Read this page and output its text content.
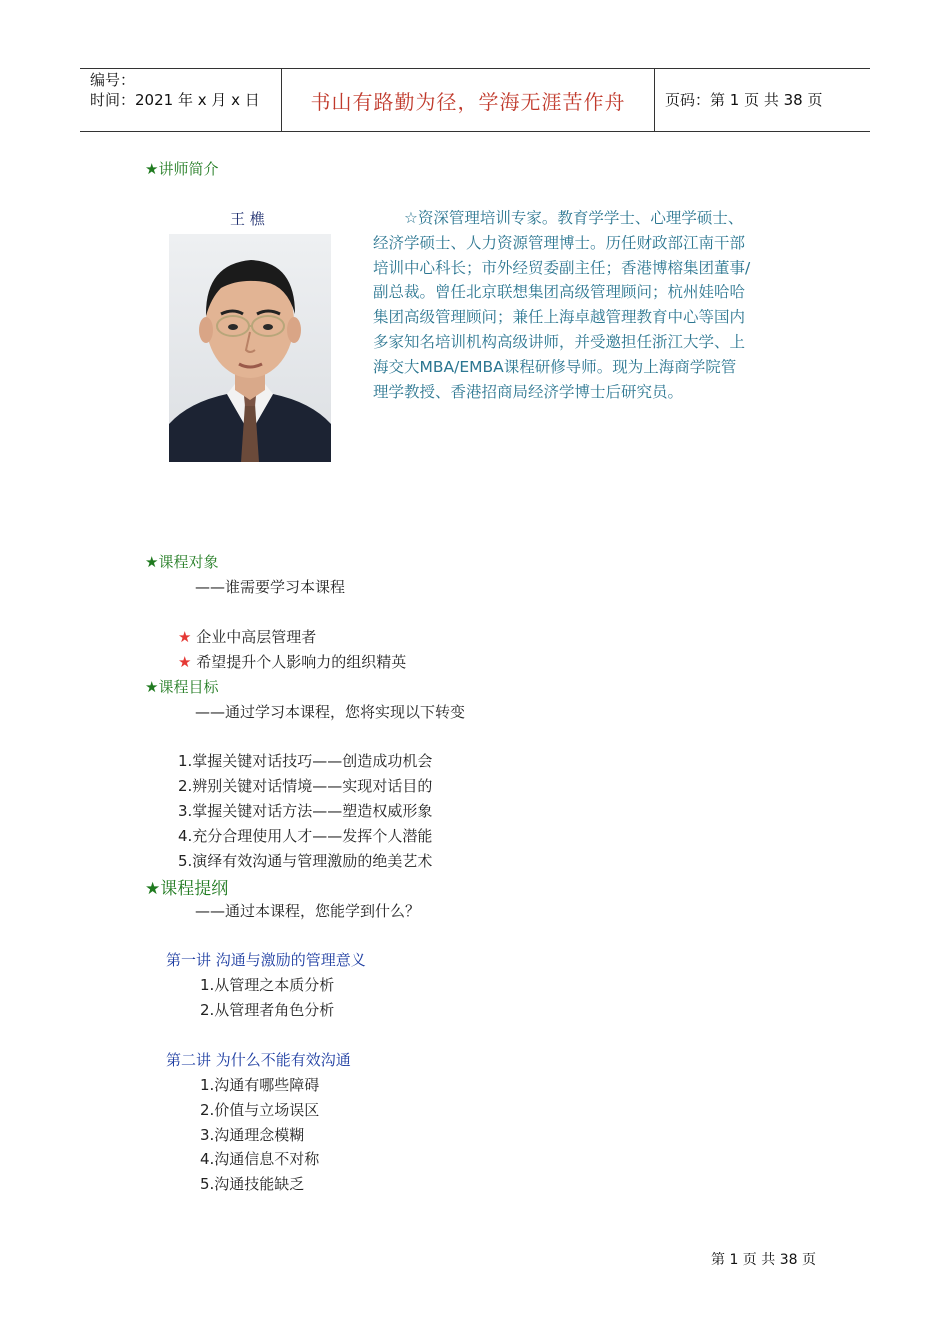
编号：
时间：2021 年 x 月 x 日	书山有路勤为径，学海无涯苦作舟	页码：第 1 页 共 38 页
★讲师简介
王 樵	　　☆资深管理培训专家。教育学学士、心理学硕士、经济学硕士、人力资源管理博士。历任财政部江南干部培训中心科长；市外经贸委副主任；香港博榕集团董事/副总裁。曾任北京联想集团高级管理顾问；杭州娃哈哈集团高级管理顾问；兼任上海卓越管理教育中心等国内多家知名培训机构高级讲师，并受邀担任浙江大学、上海交大MBA/EMBA课程研修导师。现为上海商学院管理学教授、香港招商局经济学博士后研究员。
★课程对象
——谁需要学习本课程
★ 企业中高层管理者
★ 希望提升个人影响力的组织精英
★课程目标
——通过学习本课程，您将实现以下转变
1.掌握关键对话技巧——创造成功机会
2.辨别关键对话情境——实现对话目的
3.掌握关键对话方法——塑造权威形象
4.充分合理使用人才——发挥个人潜能
5.演绎有效沟通与管理激励的绝美艺术
★课程提纲
——通过本课程，您能学到什么？
第一讲 沟通与激励的管理意义
1.从管理之本质分析
2.从管理者角色分析
第二讲 为什么不能有效沟通
1.沟通有哪些障碍
2.价值与立场误区
3.沟通理念模糊
4.沟通信息不对称
5.沟通技能缺乏
第 1 页 共 38 页
